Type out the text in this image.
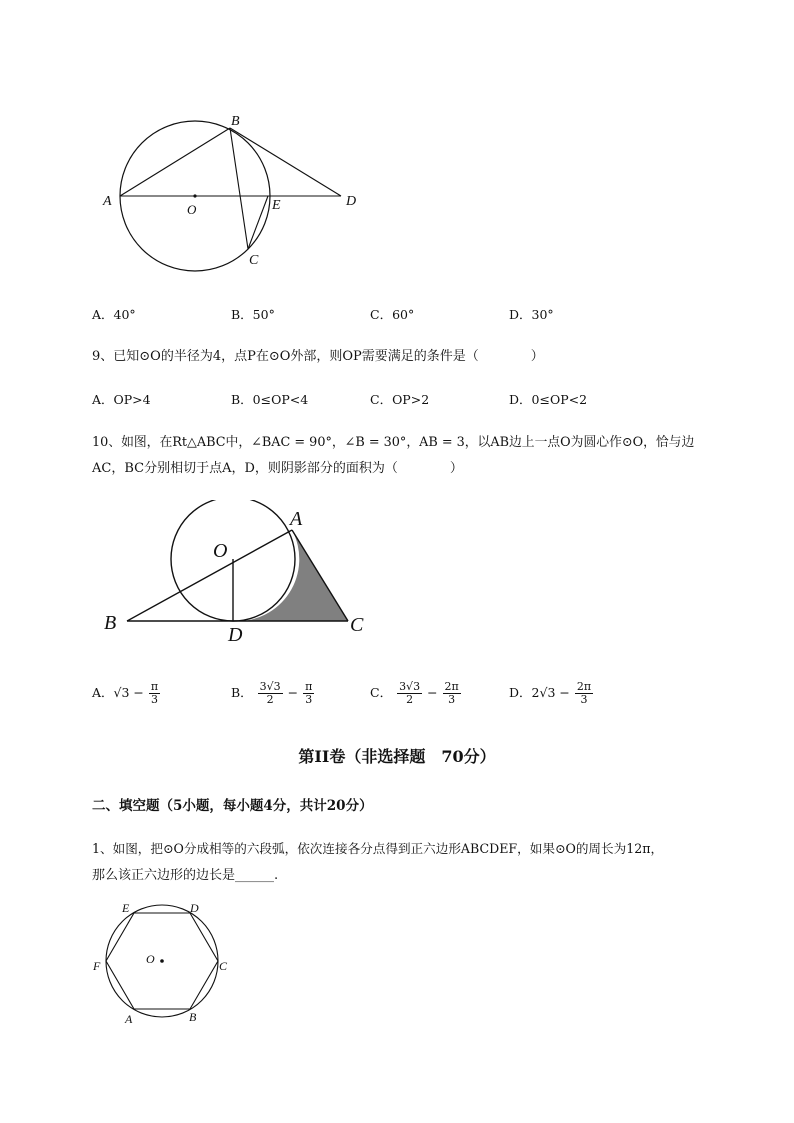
A
B
O	E	D
C
A．40°	B．50°	C．60°	D．30°
9、已知⊙O的半径为4，点P在⊙O外部，则OP需要满足的条件是（　　　　）
A．OP>4	B．0≤OP<4	C．OP>2	D．0≤OP<2
10、如图，在Rt△ABC中，∠BAC = 90°，∠B = 30°，AB = 3，以AB边上一点O为圆心作⊙O，恰与边
AC，BC分别相切于点A，D，则阴影部分的面积为（　　　　）
A
O
B
D	C
A．$√3 - \frac{\pi}{3}$	B． $\frac{3√3}{2} - \frac{\pi}{3}$	C． $\frac{3√3}{2} - \frac{2\pi}{3}$	D．$2√3 - \frac{2\pi}{3}$
第II卷（非选择题　70分）
二、填空题（5小题，每小题4分，共计20分）
1、如图，把⊙O分成相等的六段弧，依次连接各分点得到正六边形ABCDEF，如果⊙O的周长为12π，
那么该正六边形的边长是______.
E	D
F	O	C
A	B
